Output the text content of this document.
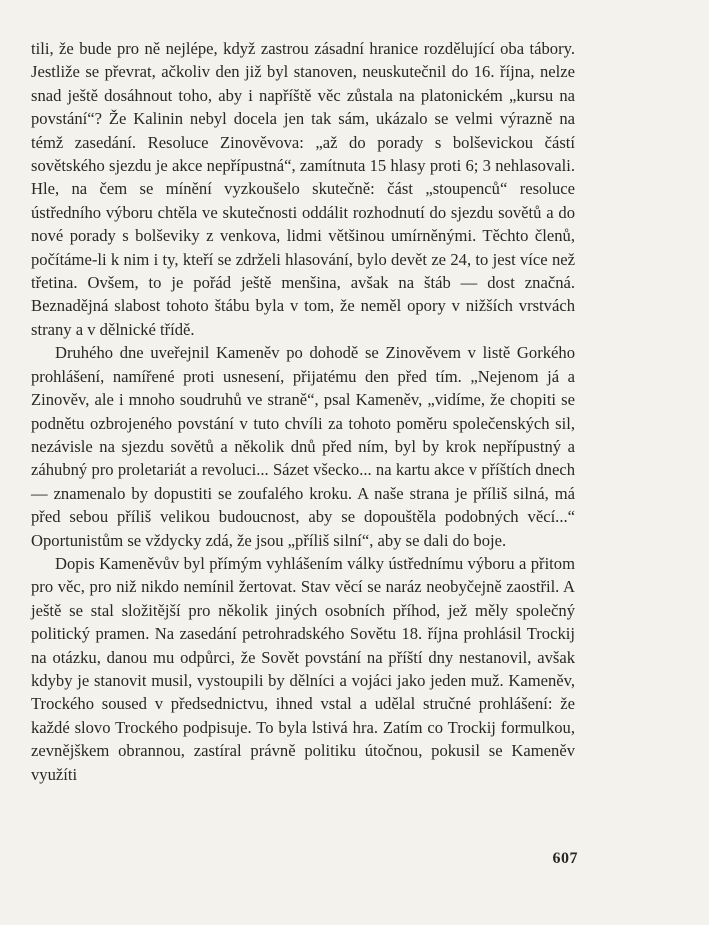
tili, že bude pro ně nejlépe, když zastrou zásadní hranice rozdělující oba tábory. Jestliže se převrat, ačkoliv den již byl stanoven, neuskutečnil do 16. října, nelze snad ještě dosáhnout toho, aby i napříště věc zůstala na platonickém „kursu na povstání“? Že Kalinin nebyl docela jen tak sám, ukázalo se velmi výrazně na témž zasedání. Resoluce Zinověvova: „až do porady s bolševickou částí sovětského sjezdu je akce nepřípustná“, zamítnuta 15 hlasy proti 6; 3 nehlasovali. Hle, na čem se mínění vyzkoušelo skutečně: část „stoupenců“ resoluce ústředního výboru chtěla ve skutečnosti oddálit rozhodnutí do sjezdu sovětů a do nové porady s bolševiky z venkova, lidmi většinou umírněnými. Těchto členů, počítáme-li k nim i ty, kteří se zdrželi hlasování, bylo devět ze 24, to jest více než třetina. Ovšem, to je pořád ještě menšina, avšak na štáb — dost značná. Beznadějná slabost tohoto štábu byla v tom, že neměl opory v nižších vrstvách strany a v dělnické třídě.

Druhého dne uveřejnil Kameněv po dohodě se Zinověvem v listě Gorkého prohlášení, namířené proti usnesení, přijatému den před tím. „Nejenom já a Zinověv, ale i mnoho soudruhů ve straně“, psal Kameněv, „vidíme, že chopiti se podnětu ozbrojeného povstání v tuto chvíli za tohoto poměru společenských sil, nezávisle na sjezdu sovětů a několik dnů před ním, byl by krok nepřípustný a záhubný pro proletariát a revoluci... Sázet všecko... na kartu akce v příštích dnech — znamenalo by dopustiti se zoufalého kroku. A naše strana je příliš silná, má před sebou příliš velikou budoucnost, aby se dopouštěla podobných věcí...“ Oportunistům se vždycky zdá, že jsou „příliš silní“, aby se dali do boje.

Dopis Kameněvův byl přímým vyhlášením války ústřednímu výboru a přitom pro věc, pro niž nikdo nemínil žertovat. Stav věcí se naráz neobyčejně zaostřil. A ještě se stal složitější pro několik jiných osobních příhod, jež měly společný politický pramen. Na zasedání petrohradského Sovětu 18. října prohlásil Trockij na otázku, danou mu odpůrci, že Sovět povstání na příští dny nestanovil, avšak kdyby je stanovit musil, vystoupili by dělníci a vojáci jako jeden muž. Kameněv, Trockého soused v předsednictvu, ihned vstal a udělal stručné prohlášení: že každé slovo Trockého podpisuje. To byla lstivá hra. Zatím co Trockij formulkou, zevnějškem obrannou, zastíral právně politiku útočnou, pokusil se Kameněv využíti

607
